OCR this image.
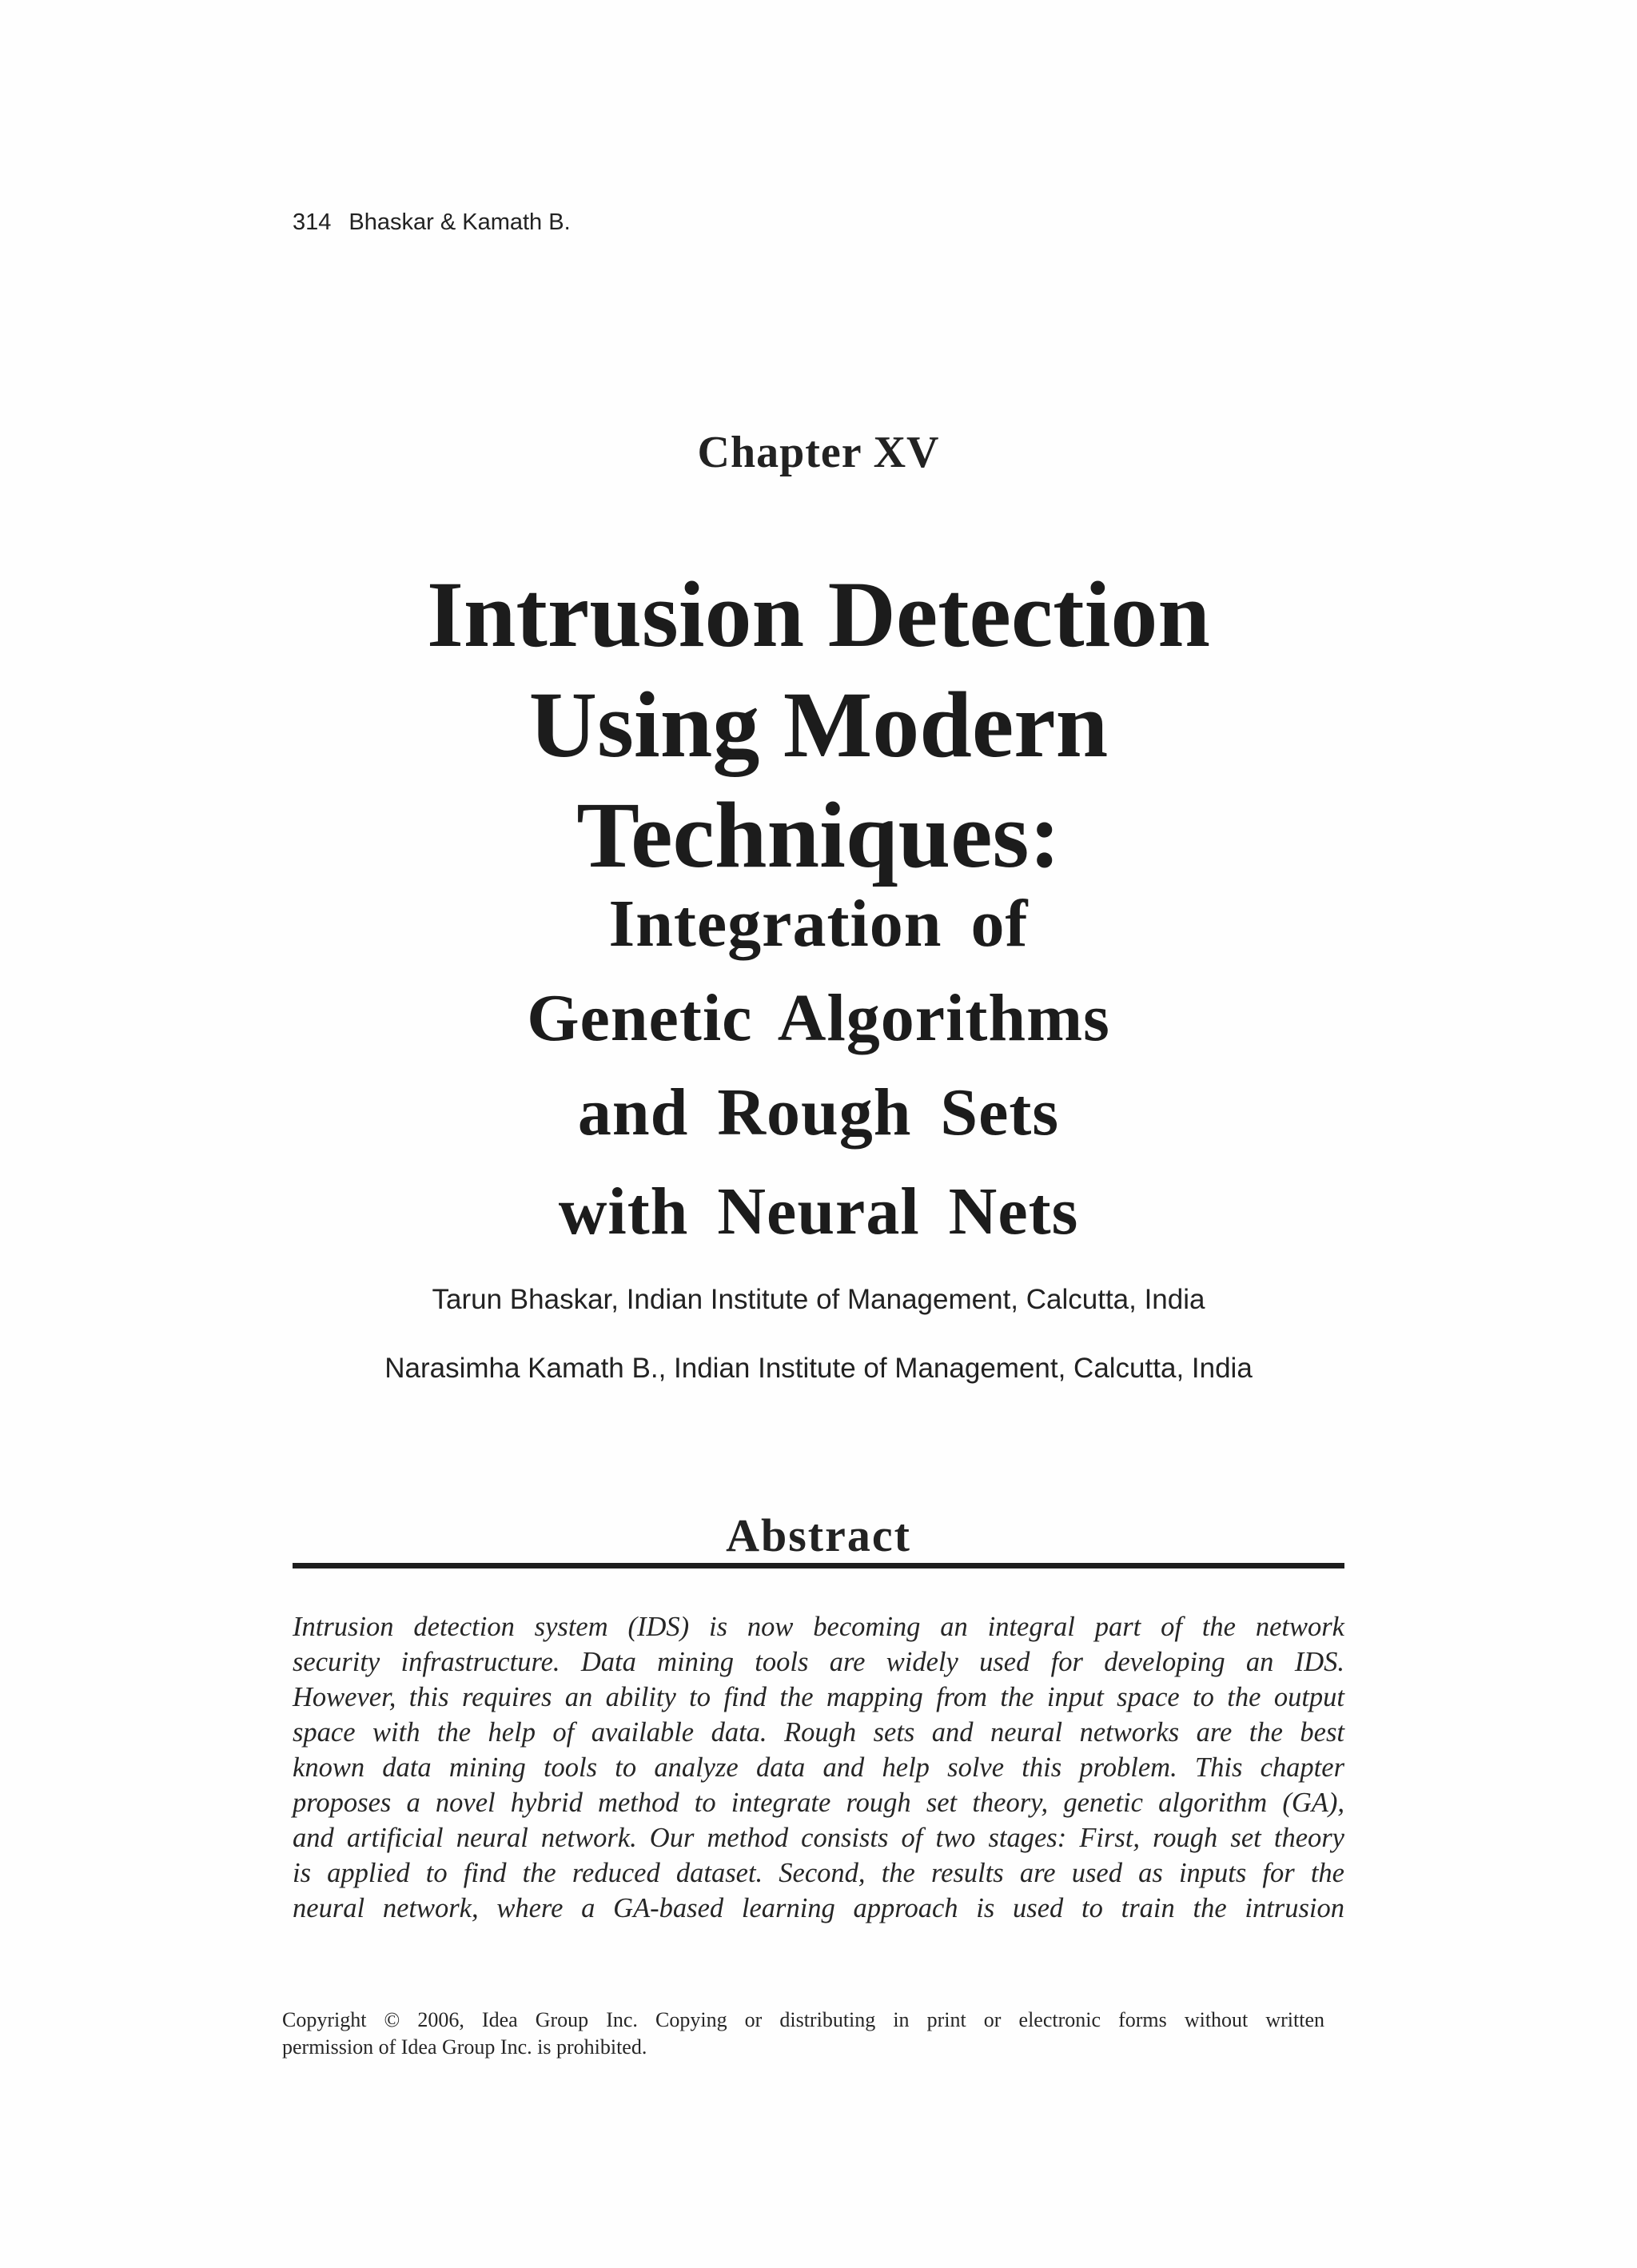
314 Bhaskar & Kamath B.
Chapter XV
Intrusion Detection
Using Modern
Techniques:
Integration of
Genetic Algorithms
and Rough Sets
with Neural Nets
Tarun Bhaskar, Indian Institute of Management, Calcutta, India
Narasimha Kamath B., Indian Institute of Management, Calcutta, India
Abstract
Intrusion detection system (IDS) is now becoming an integral part of the network
security infrastructure. Data mining tools are widely used for developing an IDS.
However, this requires an ability to find the mapping from the input space to the output
space with the help of available data. Rough sets and neural networks are the best
known data mining tools to analyze data and help solve this problem. This chapter
proposes a novel hybrid method to integrate rough set theory, genetic algorithm (GA),
and artificial neural network. Our method consists of two stages: First, rough set theory
is applied to find the reduced dataset. Second, the results are used as inputs for the
neural network, where a GA-based learning approach is used to train the intrusion
Copyright © 2006, Idea Group Inc. Copying or distributing in print or electronic forms without written
permission of Idea Group Inc. is prohibited.
